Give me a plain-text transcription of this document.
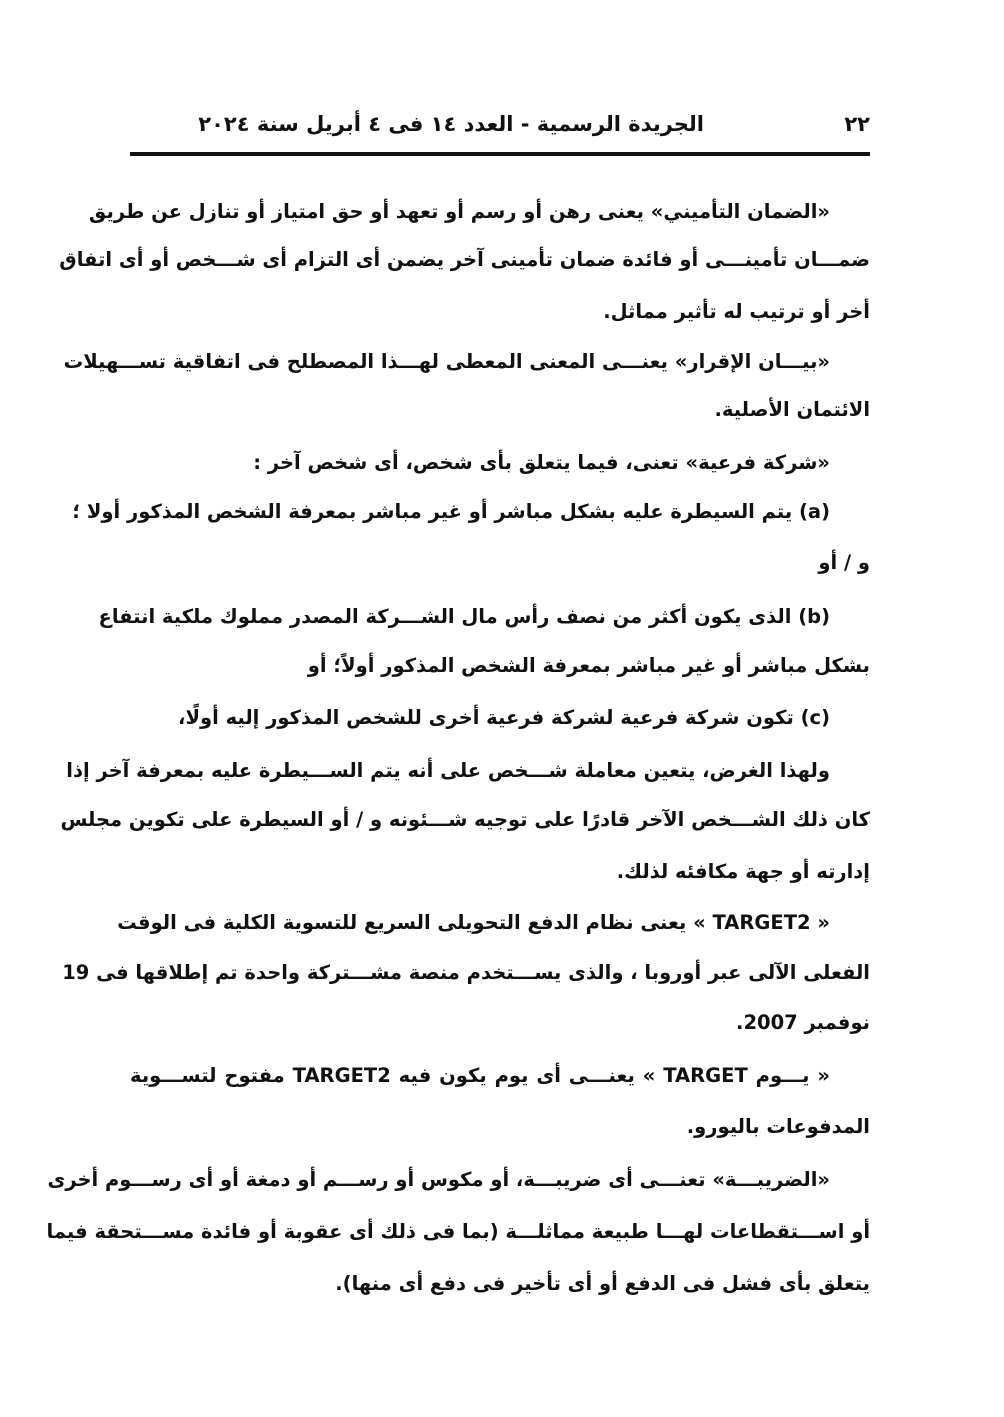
٢٢
الجريدة الرسمية - العدد ١٤ فى ٤ أبريل سنة ٢٠٢٤
«الضمان التأميني» يعنى رهن أو رسم أو تعهد أو حق امتياز أو تنازل عن طريق
ضمـــان تأمينـــى أو فائدة ضمان تأمينى آخر يضمن أى التزام أى شـــخص أو أى اتفاق
أخر أو ترتيب له تأثير مماثل.
«بيـــان الإقرار» يعنـــى المعنى المعطى لهـــذا المصطلح فى اتفاقية تســـهيلات
الائتمان الأصلية.
«شركة فرعية» تعنى، فيما يتعلق بأى شخص، أى شخص آخر :
(a) يتم السيطرة عليه بشكل مباشر أو غير مباشر بمعرفة الشخص المذكور أولا ؛
و / أو
(b) الذى يكون أكثر من نصف رأس مال الشـــركة المصدر مملوك ملكية انتفاع
بشكل مباشر أو غير مباشر بمعرفة الشخص المذكور أولاً؛ أو
(c) تكون شركة فرعية لشركة فرعية أخرى للشخص المذكور إليه أولًا،
ولهذا الغرض، يتعين معاملة شـــخص على أنه يتم الســـيطرة عليه بمعرفة آخر إذا
كان ذلك الشـــخص الآخر قادرًا على توجيه شـــئونه و / أو السيطرة على تكوين مجلس
إدارته أو جهة مكافئه لذلك.
« TARGET2 » يعنى نظام الدفع التحويلى السريع للتسوية الكلية فى الوقت
الفعلى الآلى عبر أوروبا ، والذى يســـتخدم منصة مشـــتركة واحدة تم إطلاقها فى 19
نوفمبر 2007.
« يـــوم TARGET » يعنـــى أى يوم يكون فيه TARGET2 مفتوح لتســـوية
المدفوعات باليورو.
«الضريبـــة» تعنـــى أى ضريبـــة، أو مكوس أو رســـم أو دمغة أو أى رســـوم أخرى
أو اســـتقطاعات لهـــا طبيعة مماثلـــة (بما فى ذلك أى عقوبة أو فائدة مســـتحقة فيما
يتعلق بأى فشل فى الدفع أو أى تأخير فى دفع أى منها).
